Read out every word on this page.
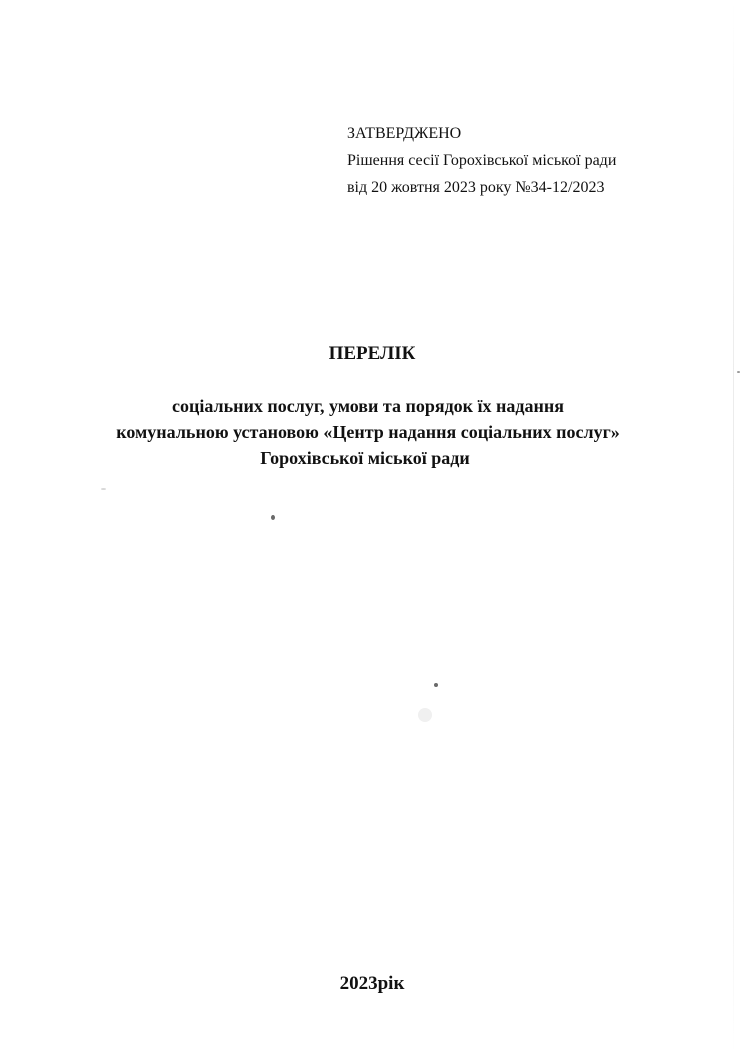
ЗАТВЕРДЖЕНО
Рішення сесії Горохівської міської ради
від 20 жовтня 2023 року №34-12/2023
ПЕРЕЛІК
соціальних послуг, умови та порядок їх надання
комунальною установою «Центр надання соціальних послуг»
Горохівської міської ради
2023рік
